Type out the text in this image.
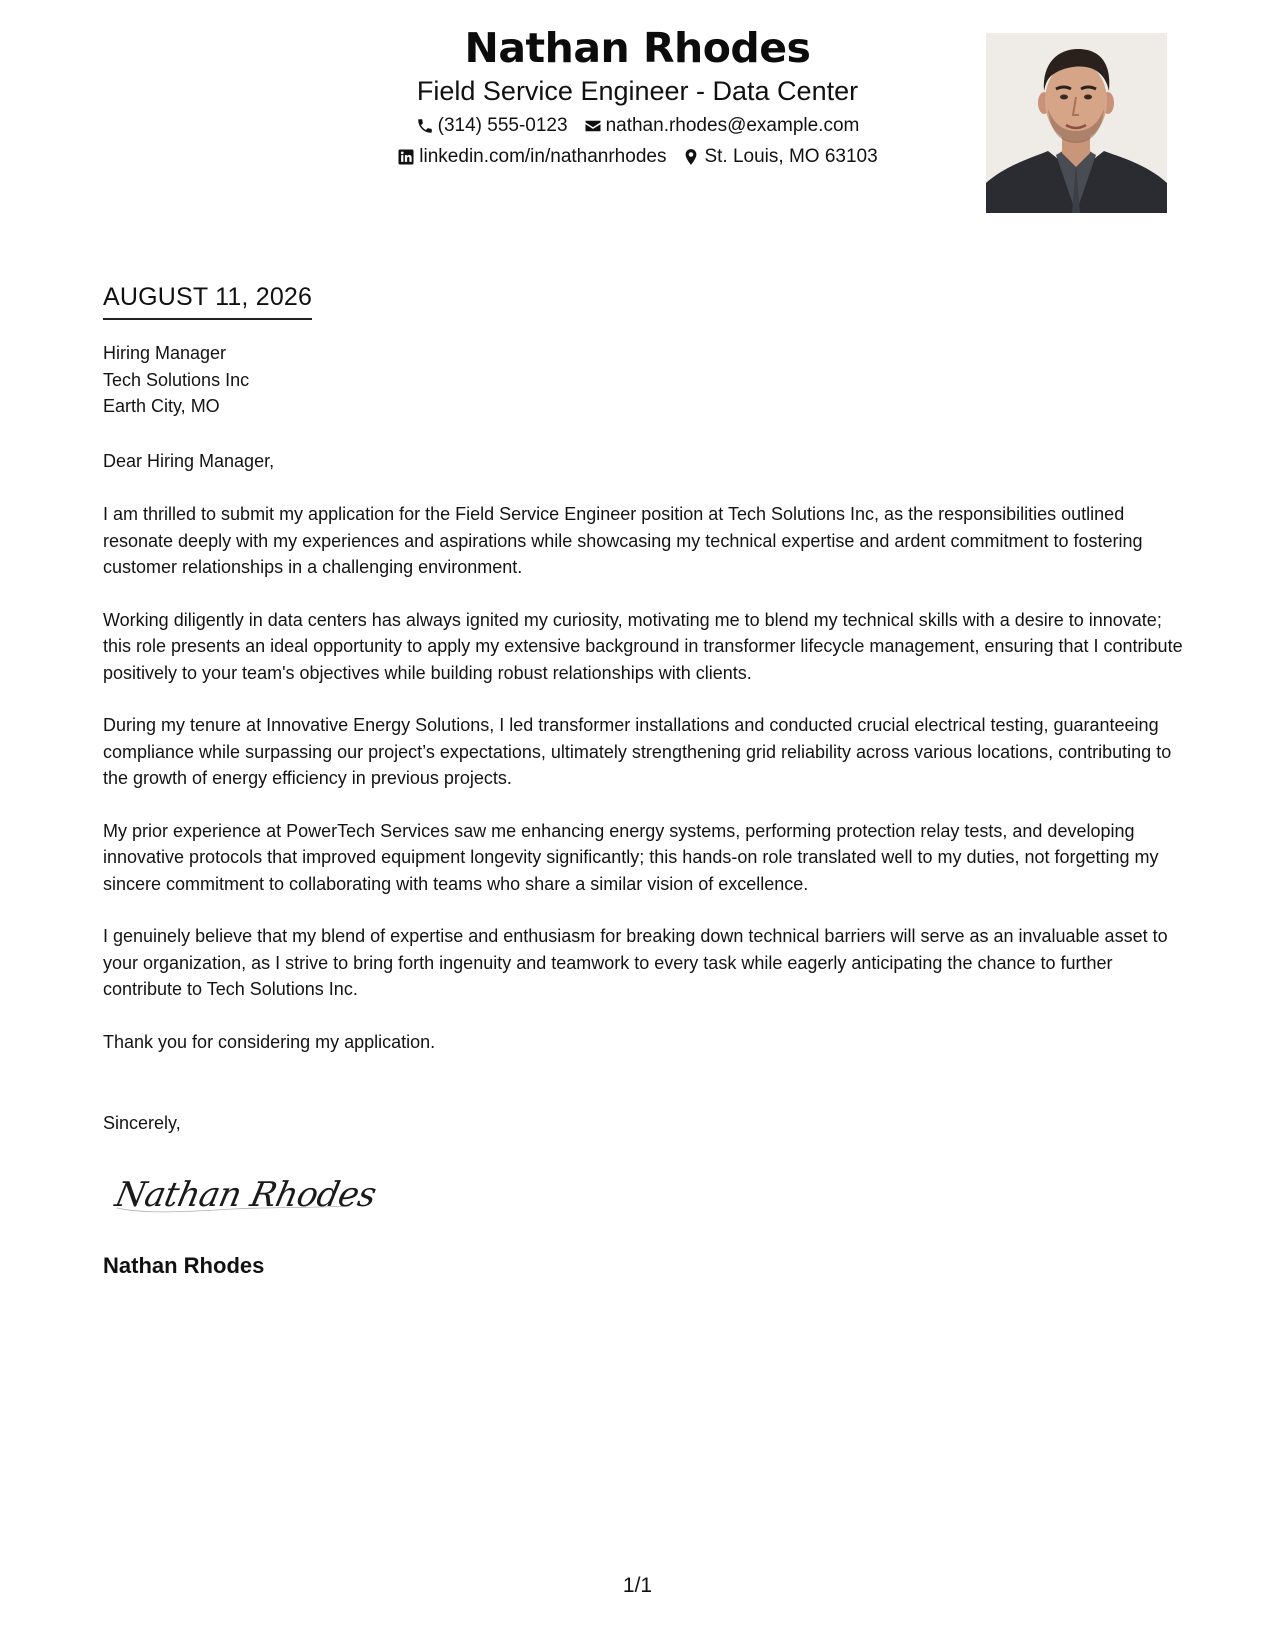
Nathan Rhodes
Field Service Engineer - Data Center
(314) 555-0123 nathan.rhodes@example.com
linkedin.com/in/nathanrhodes St. Louis, MO 63103
AUGUST 11, 2026
Hiring Manager
Tech Solutions Inc
Earth City, MO
Dear Hiring Manager,

I am thrilled to submit my application for the Field Service Engineer position at Tech Solutions Inc, as the responsibilities outlined resonate deeply with my experiences and aspirations while showcasing my technical expertise and ardent commitment to fostering customer relationships in a challenging environment.

Working diligently in data centers has always ignited my curiosity, motivating me to blend my technical skills with a desire to innovate; this role presents an ideal opportunity to apply my extensive background in transformer lifecycle management, ensuring that I contribute positively to your team's objectives while building robust relationships with clients.

During my tenure at Innovative Energy Solutions, I led transformer installations and conducted crucial electrical testing, guaranteeing compliance while surpassing our project’s expectations, ultimately strengthening grid reliability across various locations, contributing to the growth of energy efficiency in previous projects.

My prior experience at PowerTech Services saw me enhancing energy systems, performing protection relay tests, and developing innovative protocols that improved equipment longevity significantly; this hands-on role translated well to my duties, not forgetting my sincere commitment to collaborating with teams who share a similar vision of excellence.

I genuinely believe that my blend of expertise and enthusiasm for breaking down technical barriers will serve as an invaluable asset to your organization, as I strive to bring forth ingenuity and teamwork to every task while eagerly anticipating the chance to further contribute to Tech Solutions Inc.

Thank you for considering my application.

Sincerely,
Nathan Rhodes
Nathan Rhodes
1/1
